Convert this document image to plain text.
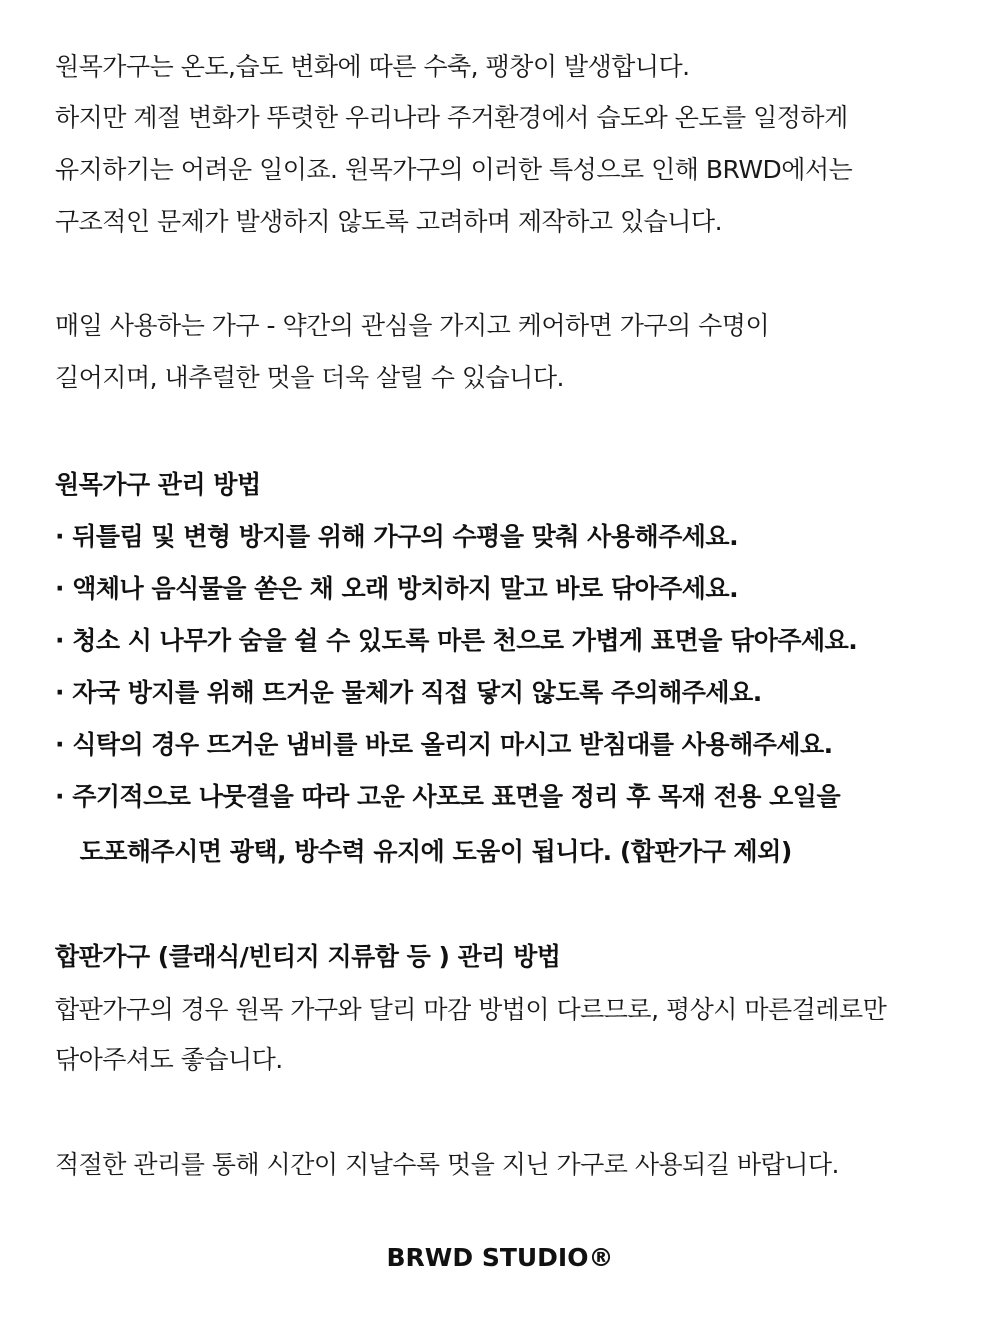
원목가구는 온도,습도 변화에 따른 수축, 팽창이 발생합니다.
하지만 계절 변화가 뚜렷한 우리나라 주거환경에서 습도와 온도를 일정하게
유지하기는 어려운 일이죠. 원목가구의 이러한 특성으로 인해 BRWD에서는
구조적인 문제가 발생하지 않도록 고려하며 제작하고 있습니다.
매일 사용하는 가구 - 약간의 관심을 가지고 케어하면 가구의 수명이
길어지며, 내추럴한 멋을 더욱 살릴 수 있습니다.
원목가구 관리 방법
· 뒤틀림 및 변형 방지를 위해 가구의 수평을 맞춰 사용해주세요.
· 액체나 음식물을 쏟은 채 오래 방치하지 말고 바로 닦아주세요.
· 청소 시 나무가 숨을 쉴 수 있도록 마른 천으로 가볍게 표면을 닦아주세요.
· 자국 방지를 위해 뜨거운 물체가 직접 닿지 않도록 주의해주세요.
· 식탁의 경우 뜨거운 냄비를 바로 올리지 마시고 받침대를 사용해주세요.
· 주기적으로 나뭇결을 따라 고운 사포로 표면을 정리 후 목재 전용 오일을
도포해주시면 광택, 방수력 유지에 도움이 됩니다. (합판가구 제외)
합판가구 (클래식/빈티지 지류함 등 ) 관리 방법
합판가구의 경우 원목 가구와 달리 마감 방법이 다르므로, 평상시 마른걸레로만
닦아주셔도 좋습니다.
적절한 관리를 통해 시간이 지날수록 멋을 지닌 가구로 사용되길 바랍니다.
BRWD STUDIO®
